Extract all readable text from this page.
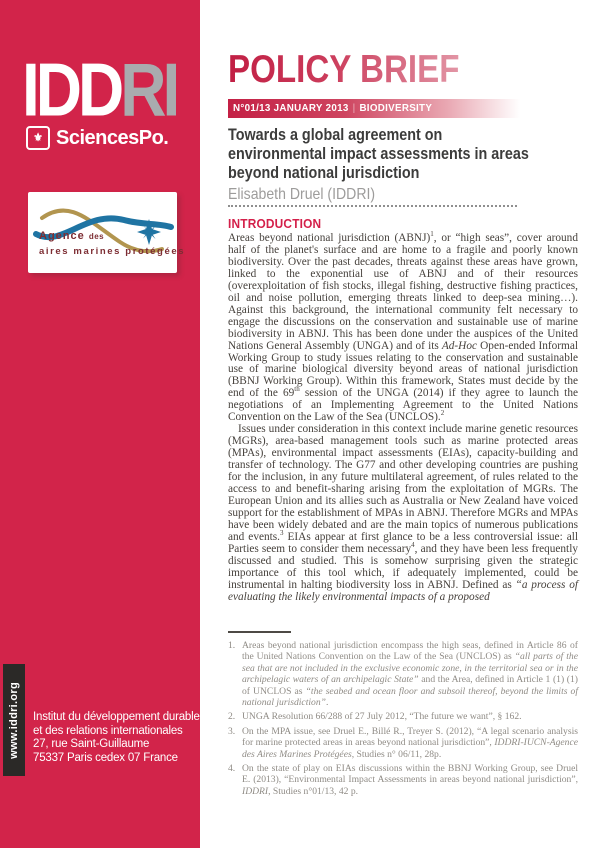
IDDRI
⚜ SciencesPo.
Agence des
aires marines protégées
www.iddri.org Institut du développement durable
et des relations internationales
27, rue Saint-Guillaume
75337 Paris cedex 07 France
POLICY BRIEF
N°01/13 JANUARY 2013 | BIODIVERSITY
Towards a global agreement on
environmental impact assessments in areas
beyond national jurisdiction
Elisabeth Druel (IDDRI)
INTRODUCTION

Areas beyond national jurisdiction (ABNJ)$^1$, or “high seas”, cover around half of the planet's surface and are home to a fragile and poorly known biodiversity. Over the past decades, threats against these areas have grown, linked to the exponential use of ABNJ and of their resources (overexploitation of fish stocks, illegal fishing, destructive fishing practices, oil and noise pollution, emerging threats linked to deep-sea mining…). Against this background, the international community felt necessary to engage the discussions on the conservation and sustainable use of marine biodiversity in ABNJ. This has been done under the auspices of the United Nations General Assembly (UNGA) and of its Ad-Hoc Open-ended Informal Working Group to study issues relating to the conservation and sustainable use of marine biological diversity beyond areas of national jurisdiction (BBNJ Working Group). Within this framework, States must decide by the end of the 69th session of the UNGA (2014) if they agree to launch the negotiations of an Implementing Agreement to the United Nations Convention on the Law of the Sea (UNCLOS).$^2$

Issues under consideration in this context include marine genetic resources (MGRs), area-based management tools such as marine protected areas (MPAs), environmental impact assessments (EIAs), capacity-building and transfer of technology. The G77 and other developing countries are pushing for the inclusion, in any future multilateral agreement, of rules related to the access to and benefit-sharing arising from the exploitation of MGRs. The European Union and its allies such as Australia or New Zealand have voiced support for the establishment of MPAs in ABNJ. Therefore MGRs and MPAs have been widely debated and are the main topics of numerous publications and events.$^3$ EIAs appear at first glance to be a less controversial issue: all Parties seem to consider them necessary$^4$, and they have been less frequently discussed and studied. This is somehow surprising given the strategic importance of this tool which, if adequately implemented, could be instrumental in halting biodiversity loss in ABNJ. Defined as “a process of evaluating the likely environmental impacts of a proposed

1. Areas beyond national jurisdiction encompass the high seas, defined in Article 86 of the United Nations Convention on the Law of the Sea (UNCLOS) as “all parts of the sea that are not included in the exclusive economic zone, in the territorial sea or in the archipelagic waters of an archipelagic State” and the Area, defined in Article 1 (1) (1) of UNCLOS as “the seabed and ocean floor and subsoil thereof, beyond the limits of national jurisdiction”.
2. UNGA Resolution 66/288 of 27 July 2012, “The future we want”, § 162.
3. On the MPA issue, see Druel E., Billé R., Treyer S. (2012), “A legal scenario analysis for marine protected areas in areas beyond national jurisdiction”, IDDRI-IUCN-Agence des Aires Marines Protégées, Studies n° 06/11, 28p.
4. On the state of play on EIAs discussions within the BBNJ Working Group, see Druel E. (2013), “Environmental Impact Assessments in areas beyond national jurisdiction”, IDDRI, Studies n°01/13, 42 p.
